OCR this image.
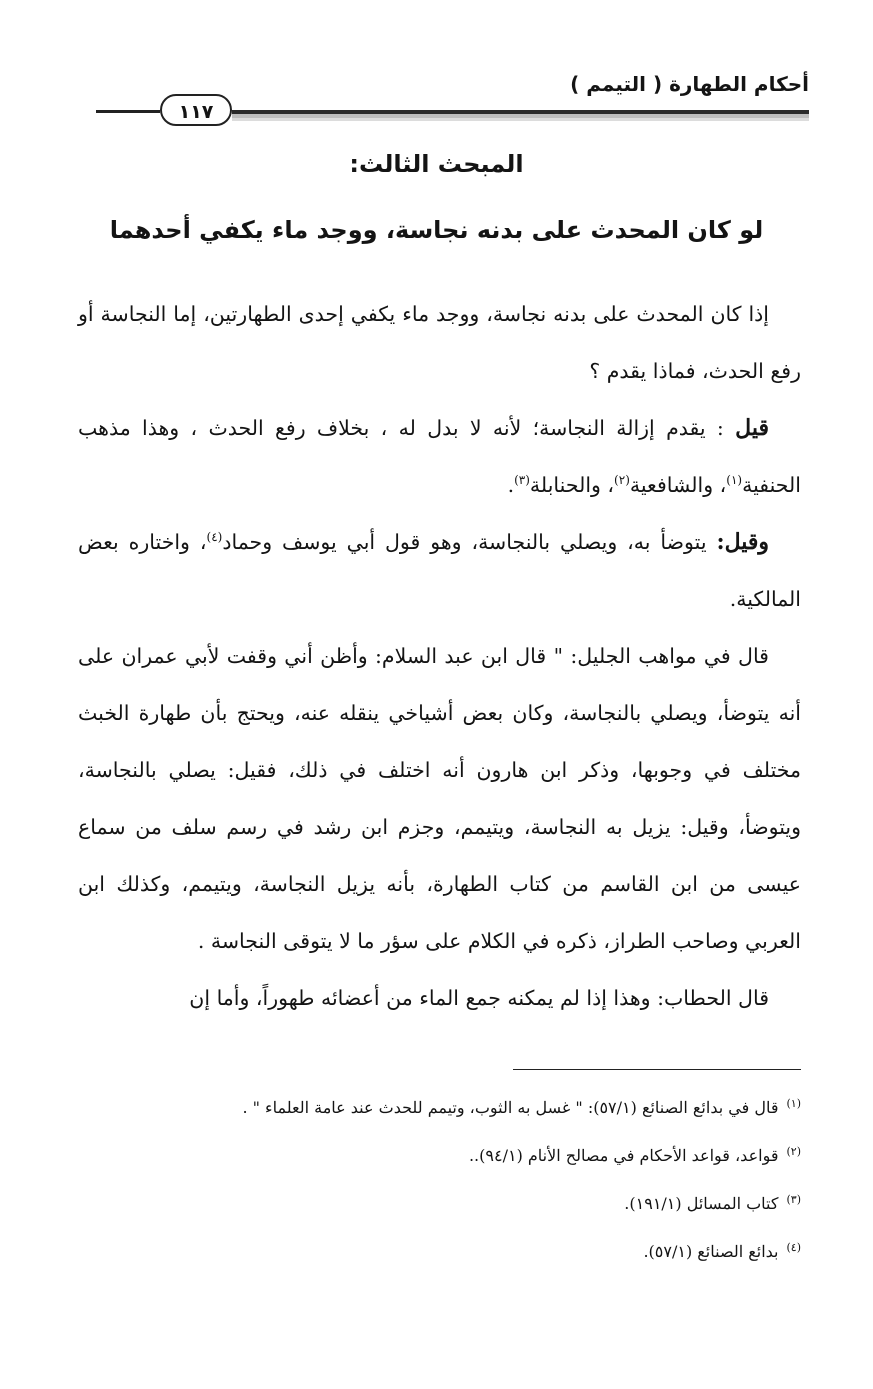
أحكام الطهارة ( التيمم )
١١٧
المبحث الثالث:
لو كان المحدث على بدنه نجاسة، ووجد ماء يكفي أحدهما

إذا كان المحدث على بدنه نجاسة، ووجد ماء يكفي إحدى الطهارتين، إما النجاسة أو رفع الحدث، فماذا يقدم ؟

قيل : يقدم إزالة النجاسة؛ لأنه لا بدل له ، بخلاف رفع الحدث ، وهذا مذهب الحنفية$^{(١)}$، والشافعية$^{(٢)}$، والحنابلة$^{(٣)}$.

وقيل: يتوضأ به، ويصلي بالنجاسة، وهو قول أبي يوسف وحماد$^{(٤)}$، واختاره بعض المالكية.

قال في مواهب الجليل: " قال ابن عبد السلام: وأظن أني وقفت لأبي عمران على أنه يتوضأ، ويصلي بالنجاسة، وكان بعض أشياخي ينقله عنه، ويحتج بأن طهارة الخبث مختلف في وجوبها، وذكر ابن هارون أنه اختلف في ذلك، فقيل: يصلي بالنجاسة، ويتوضأ، وقيل: يزيل به النجاسة، ويتيمم، وجزم ابن رشد في رسم سلف من سماع عيسى من ابن القاسم من كتاب الطهارة، بأنه يزيل النجاسة، ويتيمم، وكذلك ابن العربي وصاحب الطراز، ذكره في الكلام على سؤر ما لا يتوقى النجاسة .

قال الحطاب: وهذا إذا لم يمكنه جمع الماء من أعضائه طهوراً، وأما إن

$^{(١)}$قال في بدائع الصنائع (٥٧/١): " غسل به الثوب، وتيمم للحدث عند عامة العلماء " .

$^{(٢)}$قواعد، قواعد الأحكام في مصالح الأنام (٩٤/١)..

$^{(٣)}$كتاب المسائل (١٩١/١).

$^{(٤)}$بدائع الصنائع (٥٧/١).
